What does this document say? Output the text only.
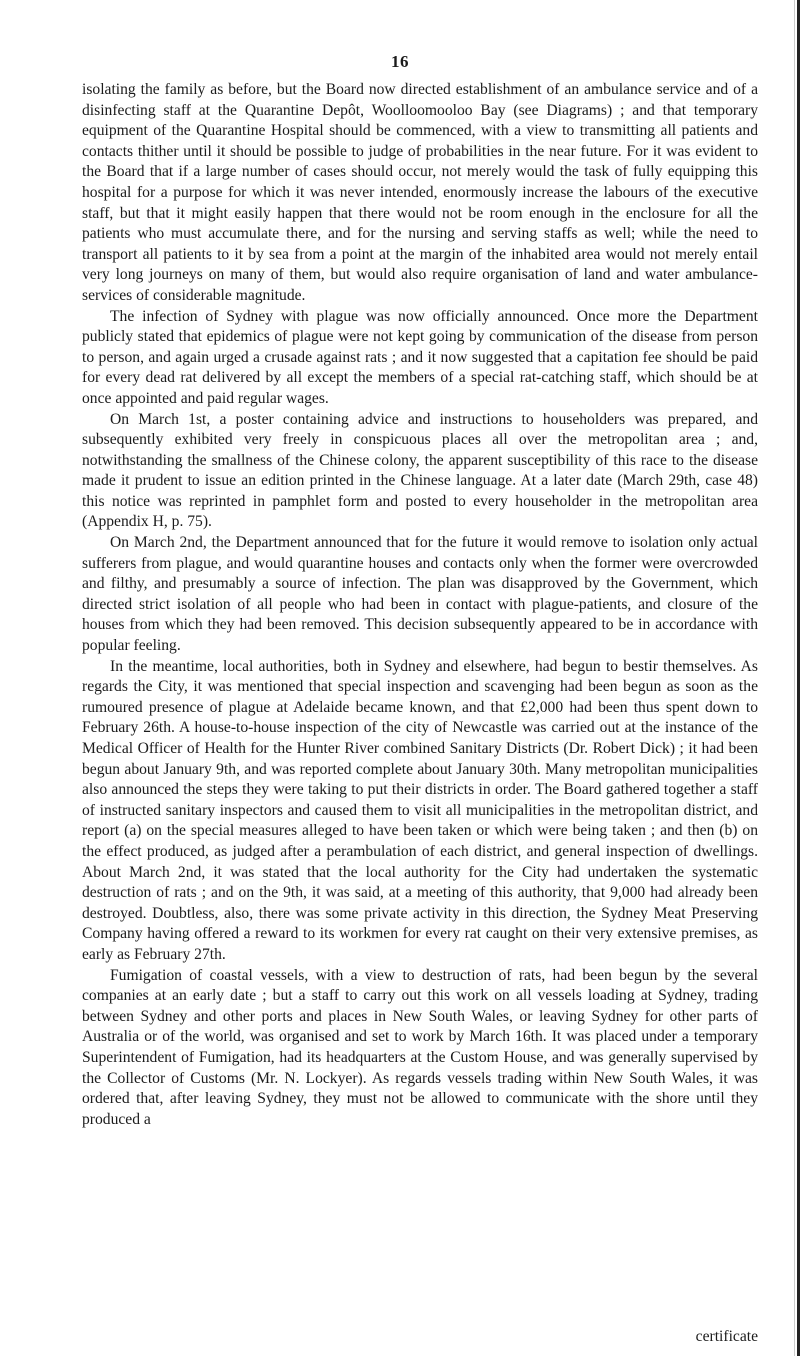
16

isolating the family as before, but the Board now directed establishment of an ambulance service and of a disinfecting staff at the Quarantine Depôt, Woolloomooloo Bay (see Diagrams) ; and that temporary equipment of the Quarantine Hospital should be commenced, with a view to transmitting all patients and contacts thither until it should be possible to judge of probabilities in the near future. For it was evident to the Board that if a large number of cases should occur, not merely would the task of fully equipping this hospital for a purpose for which it was never intended, enormously increase the labours of the executive staff, but that it might easily happen that there would not be room enough in the enclosure for all the patients who must accumulate there, and for the nursing and serving staffs as well; while the need to transport all patients to it by sea from a point at the margin of the inhabited area would not merely entail very long journeys on many of them, but would also require organisation of land and water ambulance-services of considerable magnitude.

The infection of Sydney with plague was now officially announced. Once more the Department publicly stated that epidemics of plague were not kept going by communication of the disease from person to person, and again urged a crusade against rats ; and it now suggested that a capitation fee should be paid for every dead rat delivered by all except the members of a special rat-catching staff, which should be at once appointed and paid regular wages.

On March 1st, a poster containing advice and instructions to householders was prepared, and subsequently exhibited very freely in conspicuous places all over the metropolitan area ; and, notwithstanding the smallness of the Chinese colony, the apparent susceptibility of this race to the disease made it prudent to issue an edition printed in the Chinese language. At a later date (March 29th, case 48) this notice was reprinted in pamphlet form and posted to every householder in the metropolitan area (Appendix H, p. 75).

On March 2nd, the Department announced that for the future it would remove to isolation only actual sufferers from plague, and would quarantine houses and contacts only when the former were overcrowded and filthy, and presumably a source of infection. The plan was disapproved by the Government, which directed strict isolation of all people who had been in contact with plague-patients, and closure of the houses from which they had been removed. This decision subsequently appeared to be in accordance with popular feeling.

In the meantime, local authorities, both in Sydney and elsewhere, had begun to bestir themselves. As regards the City, it was mentioned that special inspection and scavenging had been begun as soon as the rumoured presence of plague at Adelaide became known, and that £2,000 had been thus spent down to February 26th. A house-to-house inspection of the city of Newcastle was carried out at the instance of the Medical Officer of Health for the Hunter River combined Sanitary Districts (Dr. Robert Dick) ; it had been begun about January 9th, and was reported complete about January 30th. Many metropolitan municipalities also announced the steps they were taking to put their districts in order. The Board gathered together a staff of instructed sanitary inspectors and caused them to visit all municipalities in the metropolitan district, and report (a) on the special measures alleged to have been taken or which were being taken ; and then (b) on the effect produced, as judged after a perambulation of each district, and general inspection of dwellings. About March 2nd, it was stated that the local authority for the City had undertaken the systematic destruction of rats ; and on the 9th, it was said, at a meeting of this authority, that 9,000 had already been destroyed. Doubtless, also, there was some private activity in this direction, the Sydney Meat Preserving Company having offered a reward to its workmen for every rat caught on their very extensive premises, as early as February 27th.

Fumigation of coastal vessels, with a view to destruction of rats, had been begun by the several companies at an early date ; but a staff to carry out this work on all vessels loading at Sydney, trading between Sydney and other ports and places in New South Wales, or leaving Sydney for other parts of Australia or of the world, was organised and set to work by March 16th. It was placed under a temporary Superintendent of Fumigation, had its headquarters at the Custom House, and was generally supervised by the Collector of Customs (Mr. N. Lockyer). As regards vessels trading within New South Wales, it was ordered that, after leaving Sydney, they must not be allowed to communicate with the shore until they produced a

certificate
